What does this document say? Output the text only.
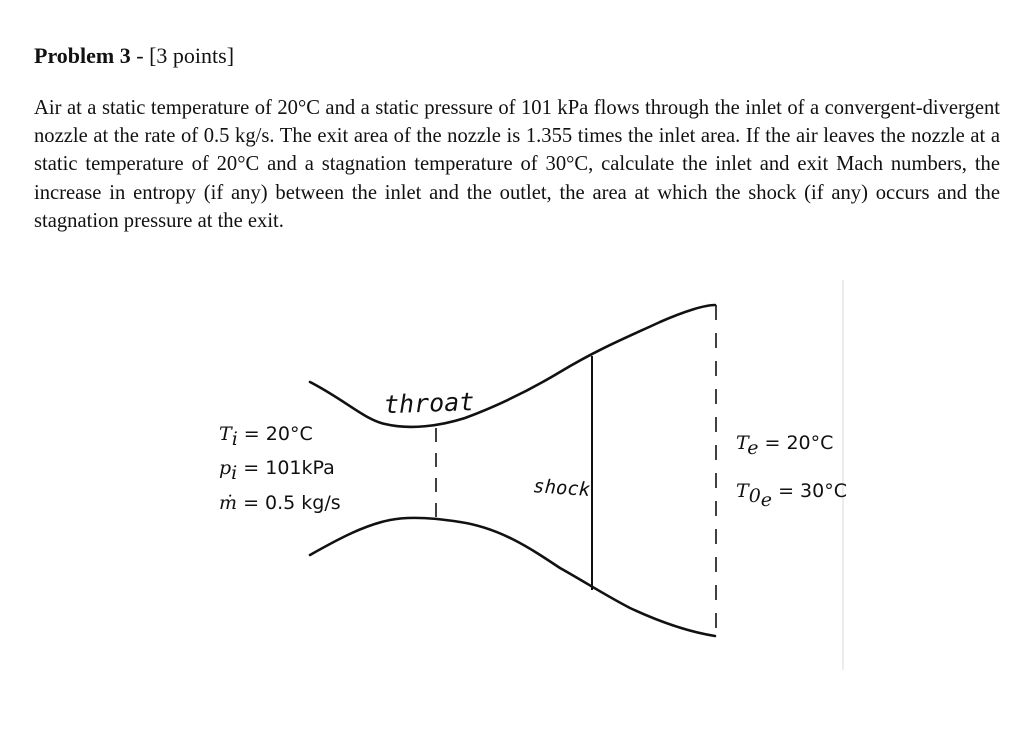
Problem 3 - [3 points]
Air at a static temperature of 20°C and a static pressure of 101 kPa flows through the inlet of a convergent-divergent nozzle at the rate of 0.5 kg/s. The exit area of the nozzle is 1.355 times the inlet area. If the air leaves the nozzle at a static temperature of 20°C and a stagnation temperature of 30°C, calculate the inlet and exit Mach numbers, the increase in entropy (if any) between the inlet and the outlet, the area at which the shock (if any) occurs and the stagnation pressure at the exit.
throat
shock
Ti = 20°C
pi = 101kPa
ṁ = 0.5 kg/s
Te = 20°C
T0e = 30°C
